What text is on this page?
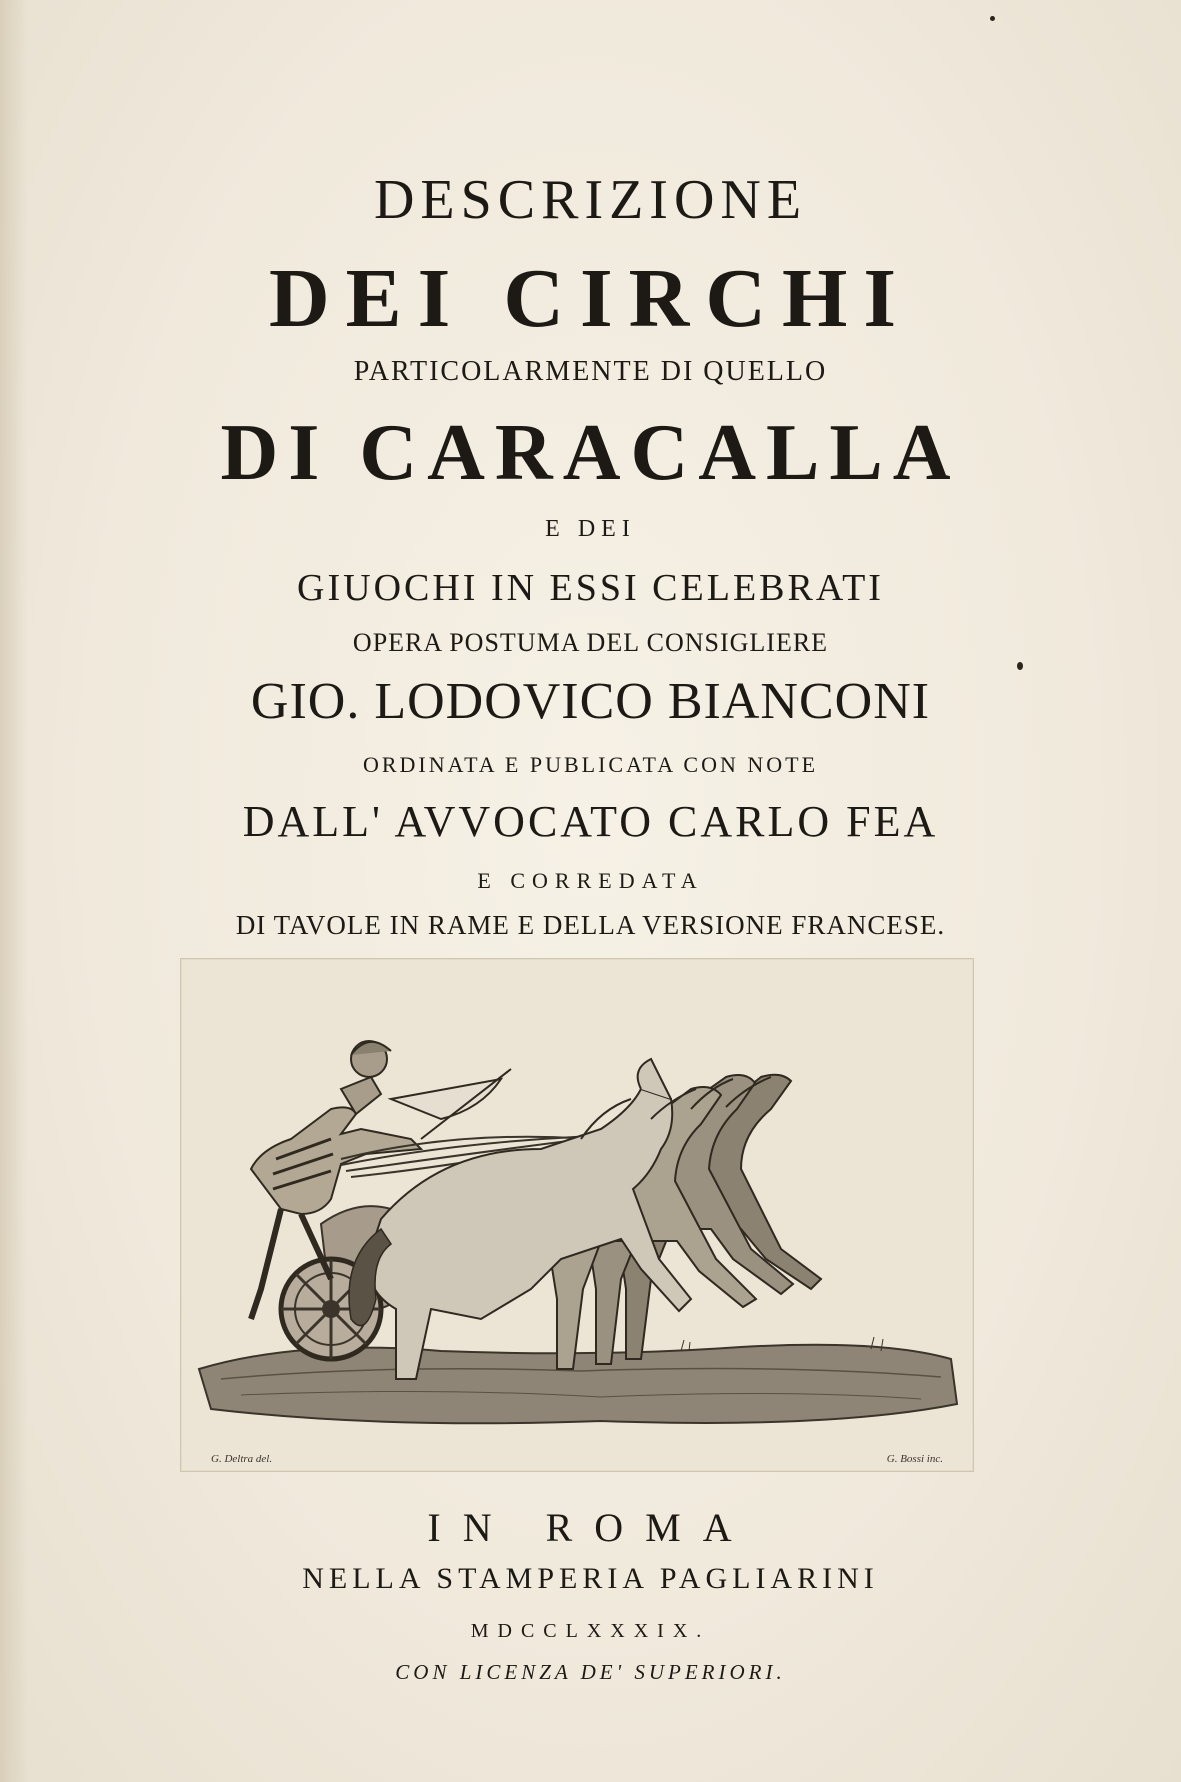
DESCRIZIONE
DEI CIRCHI
PARTICOLARMENTE DI QUELLO
DI CARACALLA
E DEI
GIUOCHI IN ESSI CELEBRATI
OPERA POSTUMA DEL CONSIGLIERE
GIO. LODOVICO BIANCONI
ORDINATA E PUBLICATA CON NOTE
DALL' AVVOCATO CARLO FEA
E CORREDATA
DI TAVOLE IN RAME E DELLA VERSIONE FRANCESE.
G. Deltra del.	G. Bossi inc.
IN ROMA
NELLA STAMPERIA PAGLIARINI
MDCCLXXXIX.
CON LICENZA DE' SUPERIORI.
